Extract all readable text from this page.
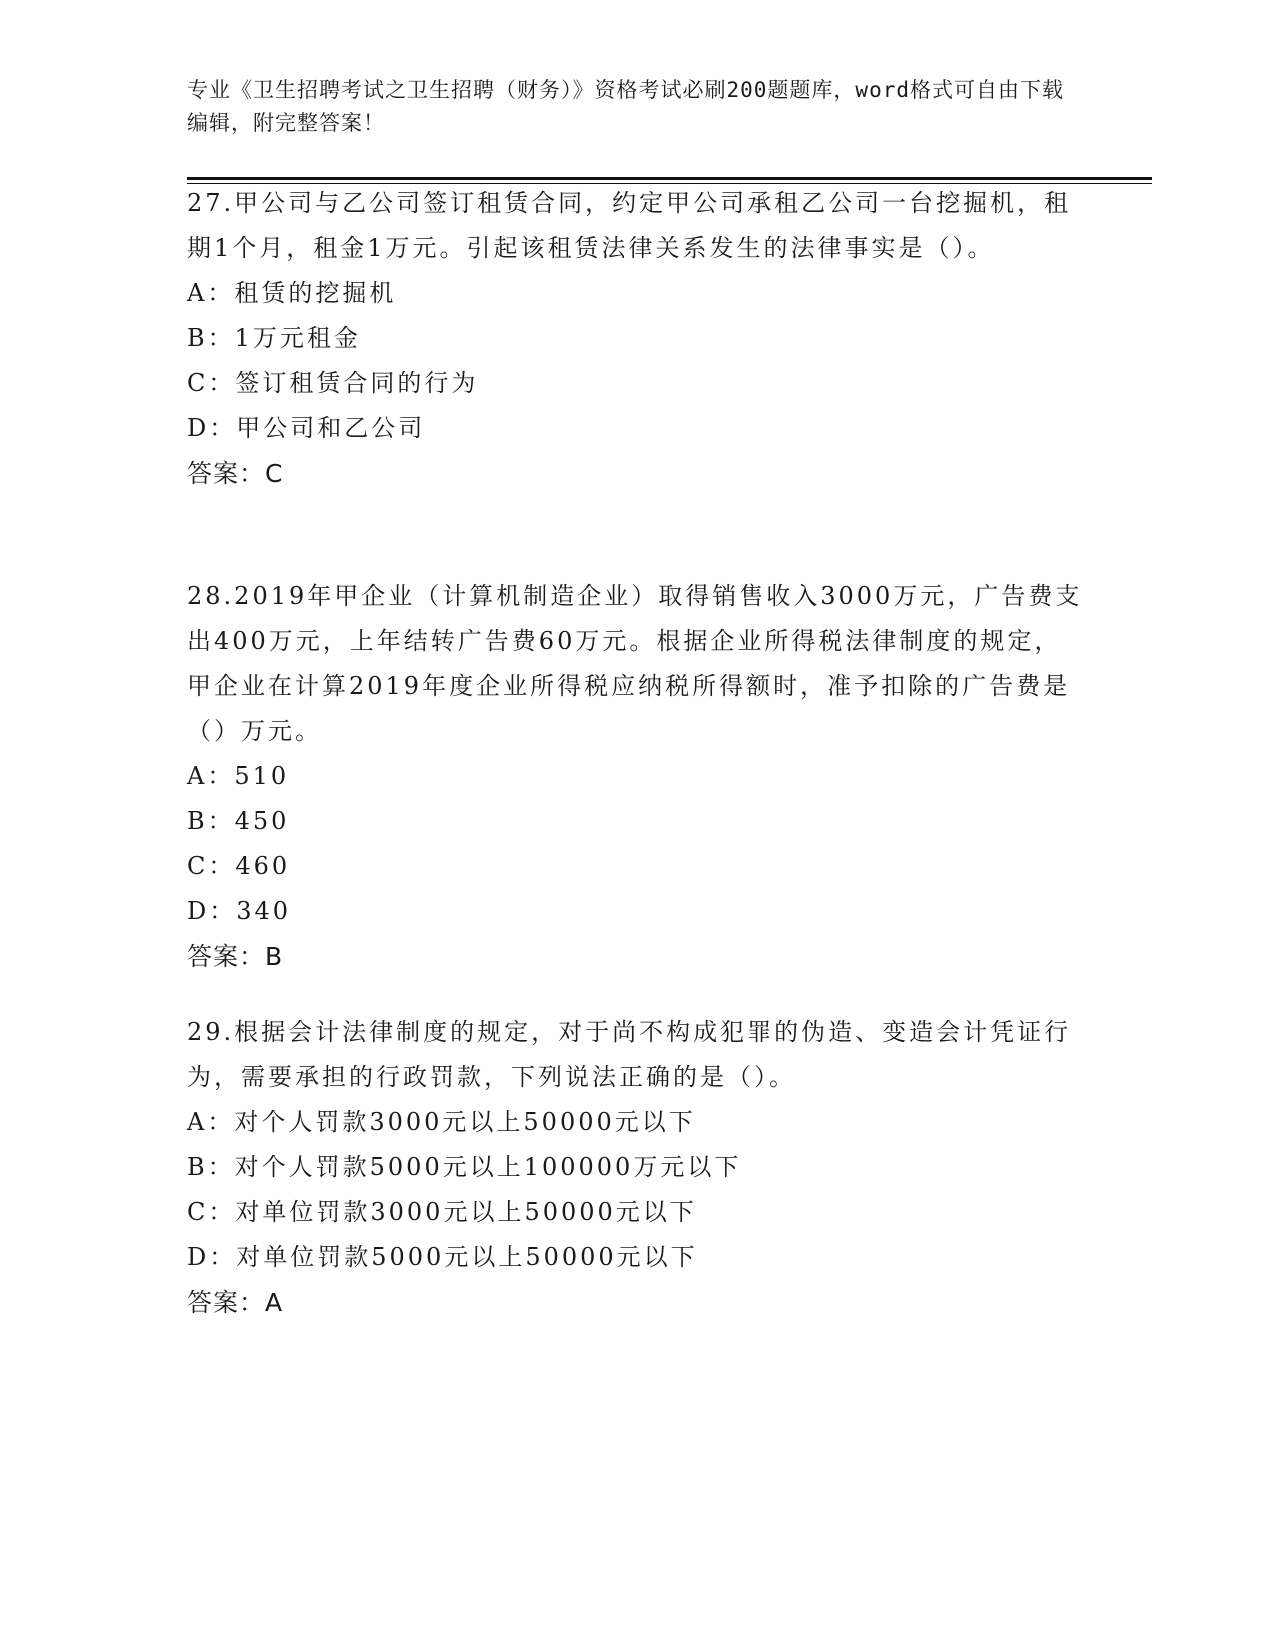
专业《卫生招聘考试之卫生招聘（财务）》资格考试必刷200题题库，word格式可自由下载编辑，附完整答案！

27.甲公司与乙公司签订租赁合同，约定甲公司承租乙公司一台挖掘机，租期1个月，租金1万元。引起该租赁法律关系发生的法律事实是（）。

A：租赁的挖掘机
B：1万元租金
C：签订租赁合同的行为
D：甲公司和乙公司
答案：C

28.2019年甲企业（计算机制造企业）取得销售收入3000万元，广告费支出400万元，上年结转广告费60万元。根据企业所得税法律制度的规定，甲企业在计算2019年度企业所得税应纳税所得额时，准予扣除的广告费是（）万元。

A：510
B：450
C：460
D：340
答案：B

29.根据会计法律制度的规定，对于尚不构成犯罪的伪造、变造会计凭证行为，需要承担的行政罚款，下列说法正确的是（）。

A：对个人罚款3000元以上50000元以下
B：对个人罚款5000元以上100000万元以下
C：对单位罚款3000元以上50000元以下
D：对单位罚款5000元以上50000元以下
答案：A
